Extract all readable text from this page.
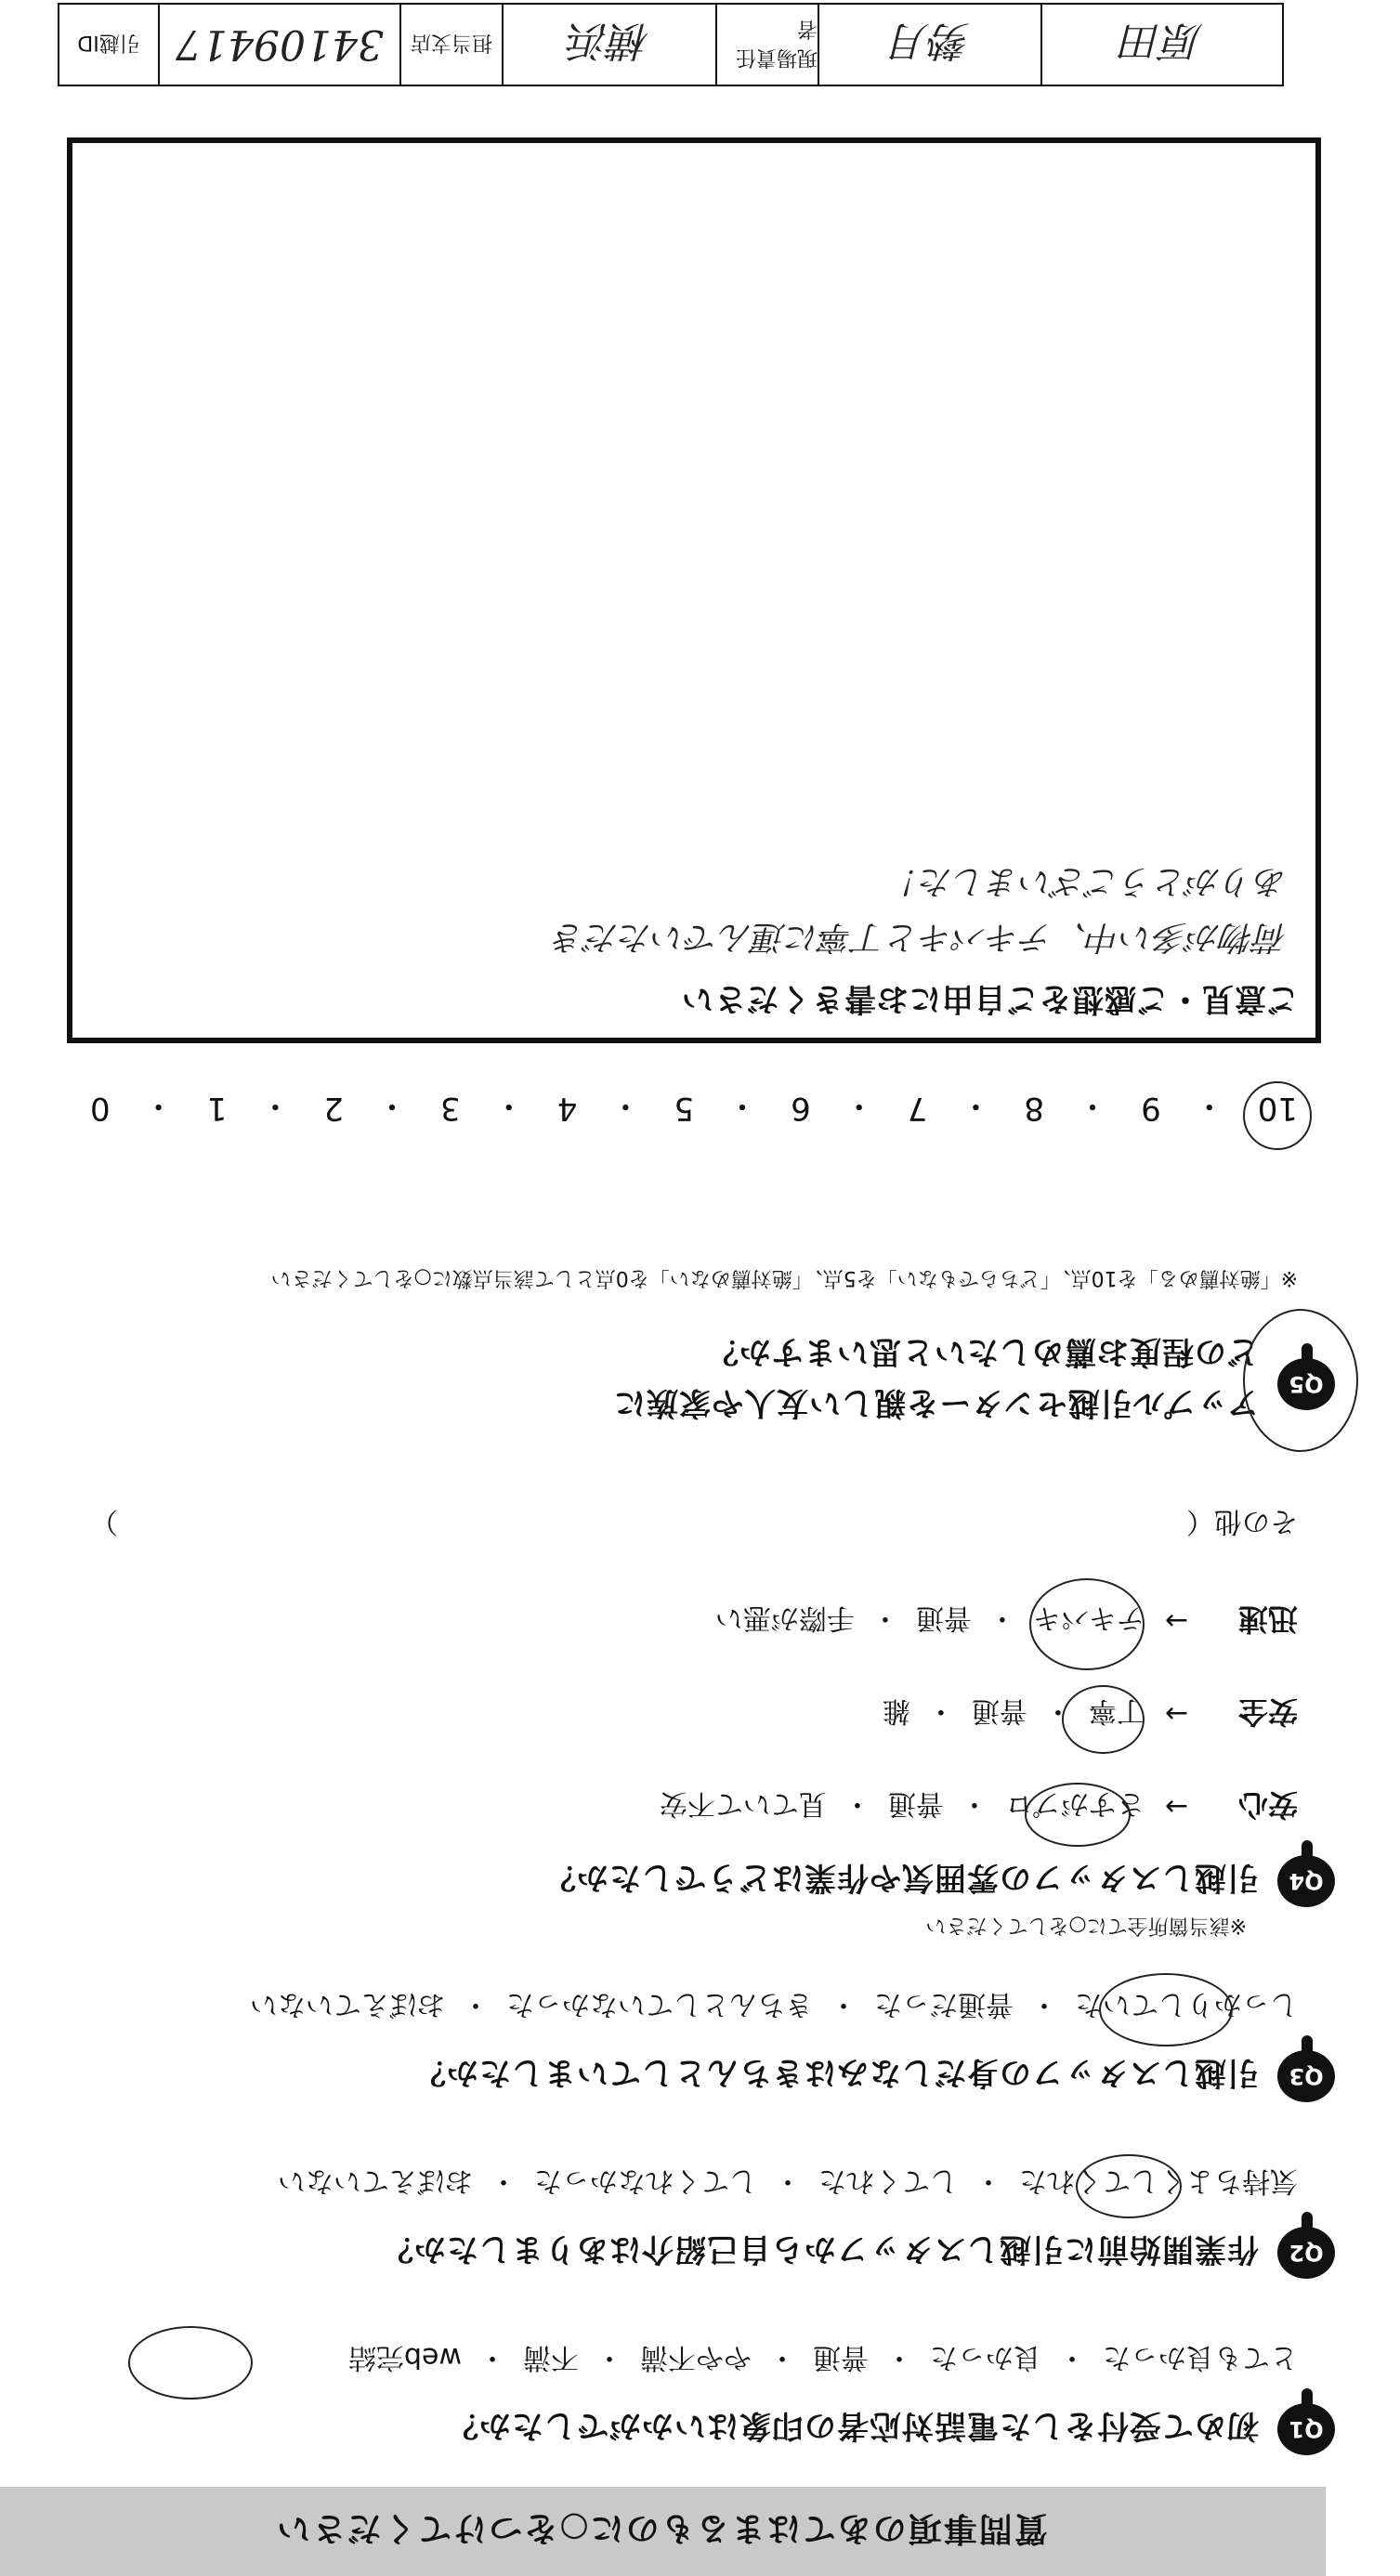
質問事項のあてはまるものに○をつけてください
Q1
初めて受付をした電話対応者の印象はいかがでしたか？
とても良かった
・
良かった
・
普通
・
やや不満
・
不満
・
web完結
Q2
作業開始前に引越しスタッフから自己紹介はありましたか？
気持ちよくしてくれた
・
してくれた
・
してくれなかった
・
おぼえていない
Q3
引越しスタッフの身だしなみはきちんとしていましたか？
しっかりしていた
・
普通だった
・
きちんとしていなかった
・
おぼえていない
Q4
引越しスタッフの雰囲気や作業はどうでしたか？
※該当箇所全てに○をしてください
安心
→
さすがプロ
・
普通
・
見ていて不安
安全
→
丁寧
・
普通
・
雑
迅速
→
テキパキ
・
普通
・
手際が悪い
その他（
）
Q5
アップル引越センターを親しい友人や家族に
どの程度お薦めしたいと思いますか？
※「絶対薦める」を10点、「どちらでもない」を5点、「絶対薦めない」を0点として該当点数に○をしてください
10
・
9
・
8
・
7
・
6
・
5
・
4
・
3
・
2
・
1
・
0
ご意見・ご感想をご自由にお書きください
荷物が多い中、テキパキと丁寧に運んでいただき
ありがとうございました！
原田
勢月
現場責任者
横浜
担当支店
34109417
引越ID
